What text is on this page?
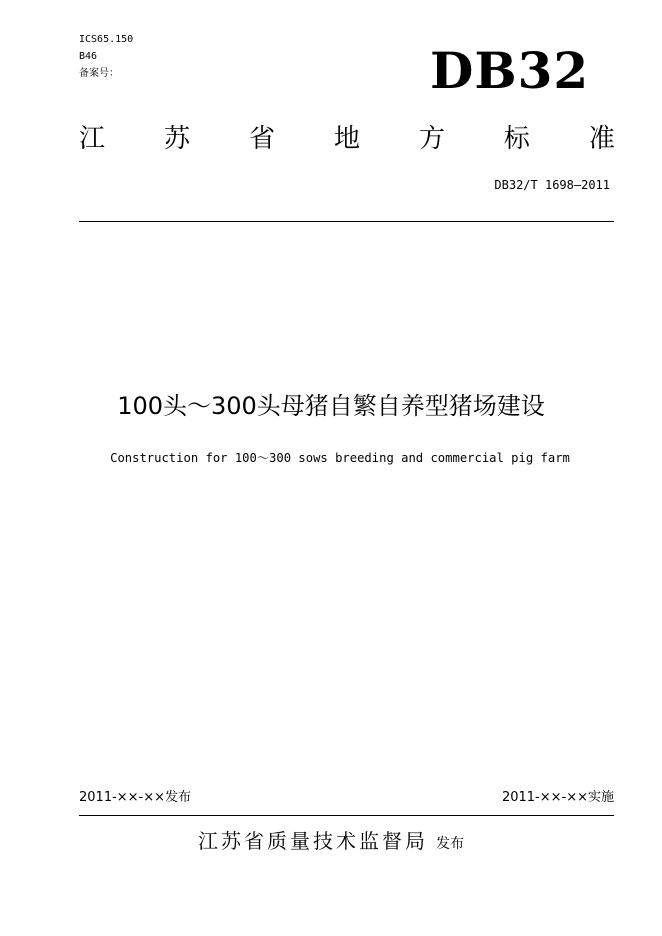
ICS65.150
B46
备案号：	DB32
江 苏 省 地 方 标 准
DB32/T 1698—2011
100头～300头母猪自繁自养型猪场建设
Construction for 100～300 sows breeding and commercial pig farm
2011-××-××发布	2011-××-××实施
江苏省质量技术监督局 发布
